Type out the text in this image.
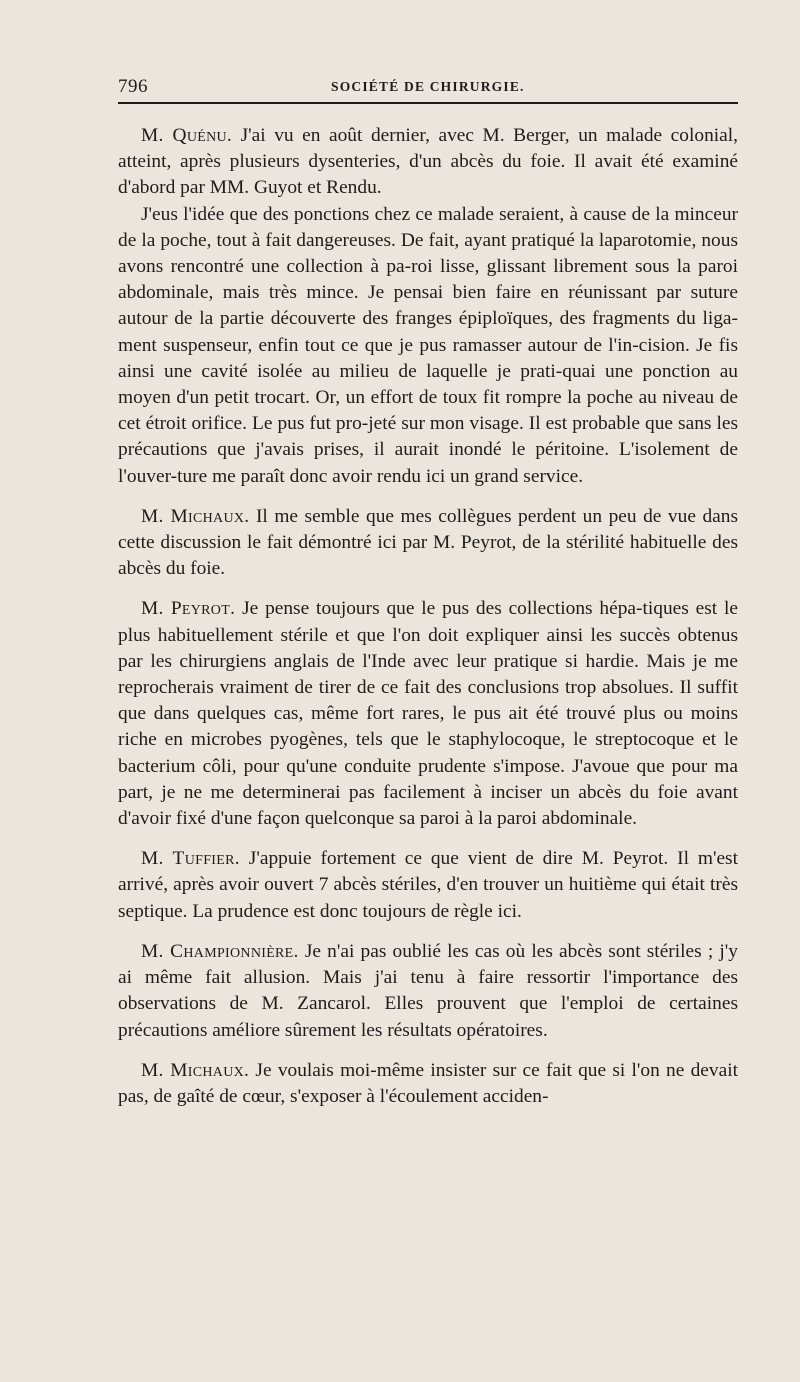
796	SOCIÉTÉ DE CHIRURGIE.

M. Quénu. J'ai vu en août dernier, avec M. Berger, un malade colonial, atteint, après plusieurs dysenteries, d'un abcès du foie. Il avait été examiné d'abord par MM. Guyot et Rendu.

J'eus l'idée que des ponctions chez ce malade seraient, à cause de la minceur de la poche, tout à fait dangereuses. De fait, ayant pratiqué la laparotomie, nous avons rencontré une collection à pa-roi lisse, glissant librement sous la paroi abdominale, mais très mince. Je pensai bien faire en réunissant par suture autour de la partie découverte des franges épiploïques, des fragments du liga-ment suspenseur, enfin tout ce que je pus ramasser autour de l'in-cision. Je fis ainsi une cavité isolée au milieu de laquelle je prati-quai une ponction au moyen d'un petit trocart. Or, un effort de toux fit rompre la poche au niveau de cet étroit orifice. Le pus fut pro-jeté sur mon visage. Il est probable que sans les précautions que j'avais prises, il aurait inondé le péritoine. L'isolement de l'ouver-ture me paraît donc avoir rendu ici un grand service.

M. Michaux. Il me semble que mes collègues perdent un peu de vue dans cette discussion le fait démontré ici par M. Peyrot, de la stérilité habituelle des abcès du foie.

M. Peyrot. Je pense toujours que le pus des collections hépa-tiques est le plus habituellement stérile et que l'on doit expliquer ainsi les succès obtenus par les chirurgiens anglais de l'Inde avec leur pratique si hardie. Mais je me reprocherais vraiment de tirer de ce fait des conclusions trop absolues. Il suffit que dans quelques cas, même fort rares, le pus ait été trouvé plus ou moins riche en microbes pyogènes, tels que le staphylocoque, le streptocoque et le bacterium côli, pour qu'une conduite prudente s'impose. J'avoue que pour ma part, je ne me determinerai pas facilement à inciser un abcès du foie avant d'avoir fixé d'une façon quelconque sa paroi à la paroi abdominale.

M. Tuffier. J'appuie fortement ce que vient de dire M. Peyrot. Il m'est arrivé, après avoir ouvert 7 abcès stériles, d'en trouver un huitième qui était très septique. La prudence est donc toujours de règle ici.

M. Championnière. Je n'ai pas oublié les cas où les abcès sont stériles ; j'y ai même fait allusion. Mais j'ai tenu à faire ressortir l'importance des observations de M. Zancarol. Elles prouvent que l'emploi de certaines précautions améliore sûrement les résultats opératoires.

M. Michaux. Je voulais moi-même insister sur ce fait que si l'on ne devait pas, de gaîté de cœur, s'exposer à l'écoulement acciden-
